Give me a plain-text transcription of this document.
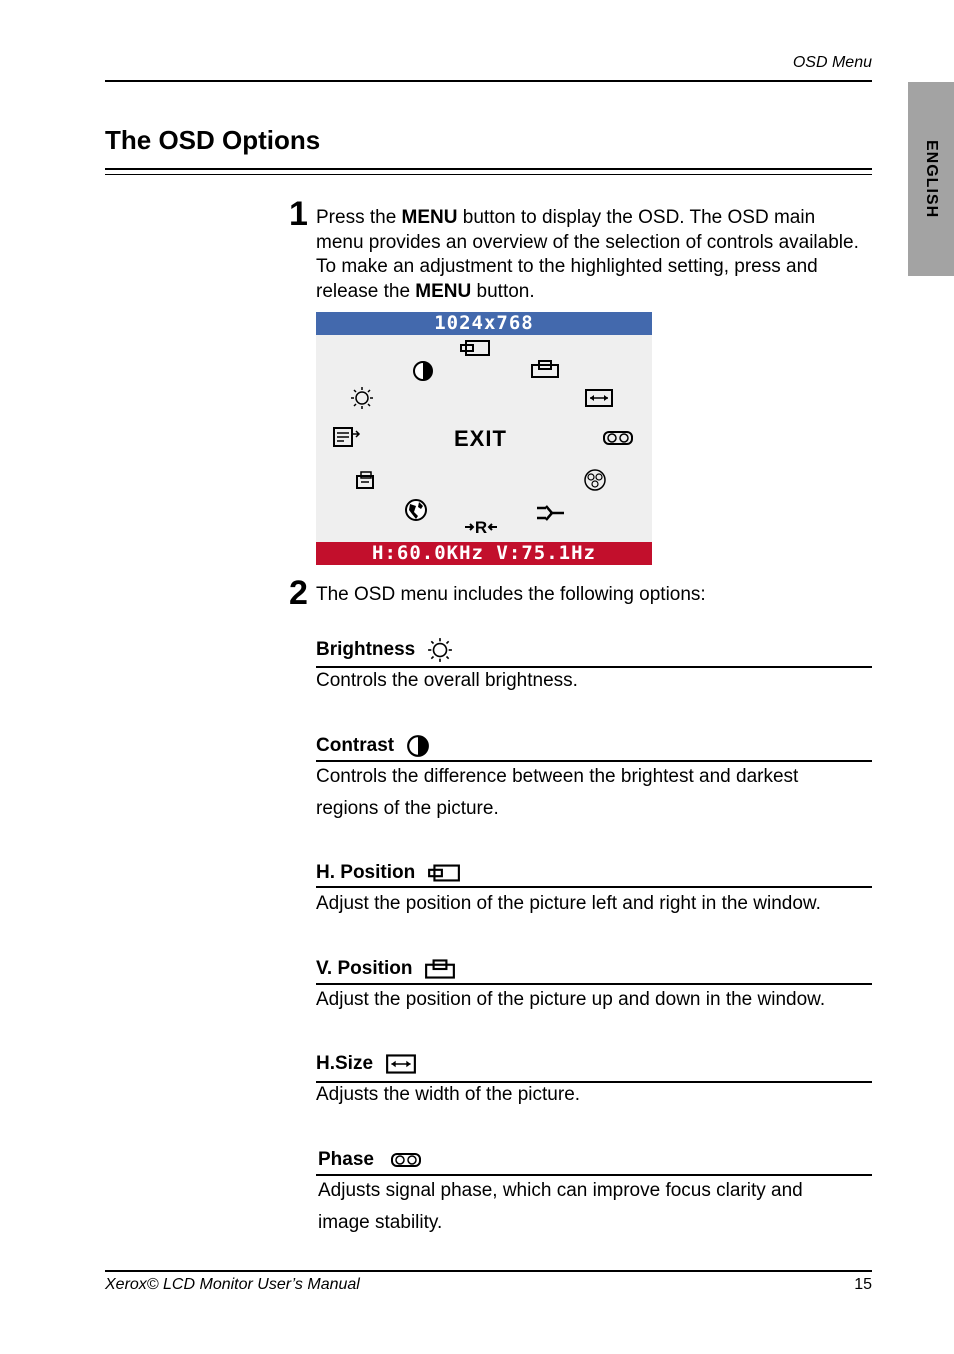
OSD Menu
ENGLISH
The OSD Options
1 Press the MENU button to display the OSD. The OSD main menu provides an overview of the selection of controls available. To make an adjustment to the highlighted setting, press and release the MENU button.
1024x768
EXIT
R
H:60.0KHz V:75.1Hz
2 The OSD menu includes the following options:
Brightness
Controls the overall brightness.
Contrast
Controls the difference between the brightest and darkest
regions of the picture.
H. Position
Adjust the position of the picture left and right in the window.
V. Position
Adjust the position of the picture up and down in the window.
H.Size
Adjusts the width of the picture.
Phase
Adjusts signal phase, which can improve focus clarity and
image stability.
Xerox© LCD Monitor User’s Manual	15
